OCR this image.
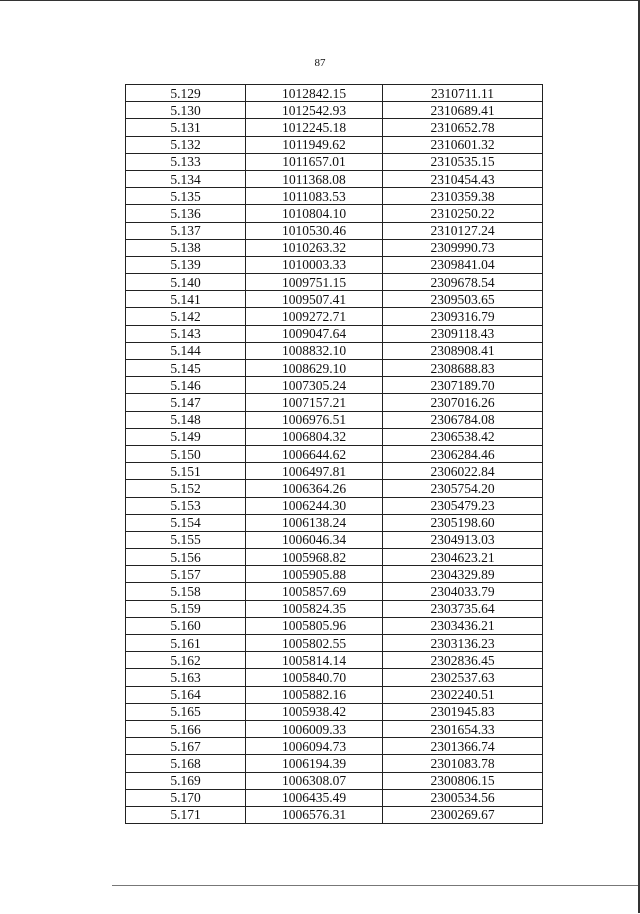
87
5.129	1012842.15	2310711.11
5.130	1012542.93	2310689.41
5.131	1012245.18	2310652.78
5.132	1011949.62	2310601.32
5.133	1011657.01	2310535.15
5.134	1011368.08	2310454.43
5.135	1011083.53	2310359.38
5.136	1010804.10	2310250.22
5.137	1010530.46	2310127.24
5.138	1010263.32	2309990.73
5.139	1010003.33	2309841.04
5.140	1009751.15	2309678.54
5.141	1009507.41	2309503.65
5.142	1009272.71	2309316.79
5.143	1009047.64	2309118.43
5.144	1008832.10	2308908.41
5.145	1008629.10	2308688.83
5.146	1007305.24	2307189.70
5.147	1007157.21	2307016.26
5.148	1006976.51	2306784.08
5.149	1006804.32	2306538.42
5.150	1006644.62	2306284.46
5.151	1006497.81	2306022.84
5.152	1006364.26	2305754.20
5.153	1006244.30	2305479.23
5.154	1006138.24	2305198.60
5.155	1006046.34	2304913.03
5.156	1005968.82	2304623.21
5.157	1005905.88	2304329.89
5.158	1005857.69	2304033.79
5.159	1005824.35	2303735.64
5.160	1005805.96	2303436.21
5.161	1005802.55	2303136.23
5.162	1005814.14	2302836.45
5.163	1005840.70	2302537.63
5.164	1005882.16	2302240.51
5.165	1005938.42	2301945.83
5.166	1006009.33	2301654.33
5.167	1006094.73	2301366.74
5.168	1006194.39	2301083.78
5.169	1006308.07	2300806.15
5.170	1006435.49	2300534.56
5.171	1006576.31	2300269.67
